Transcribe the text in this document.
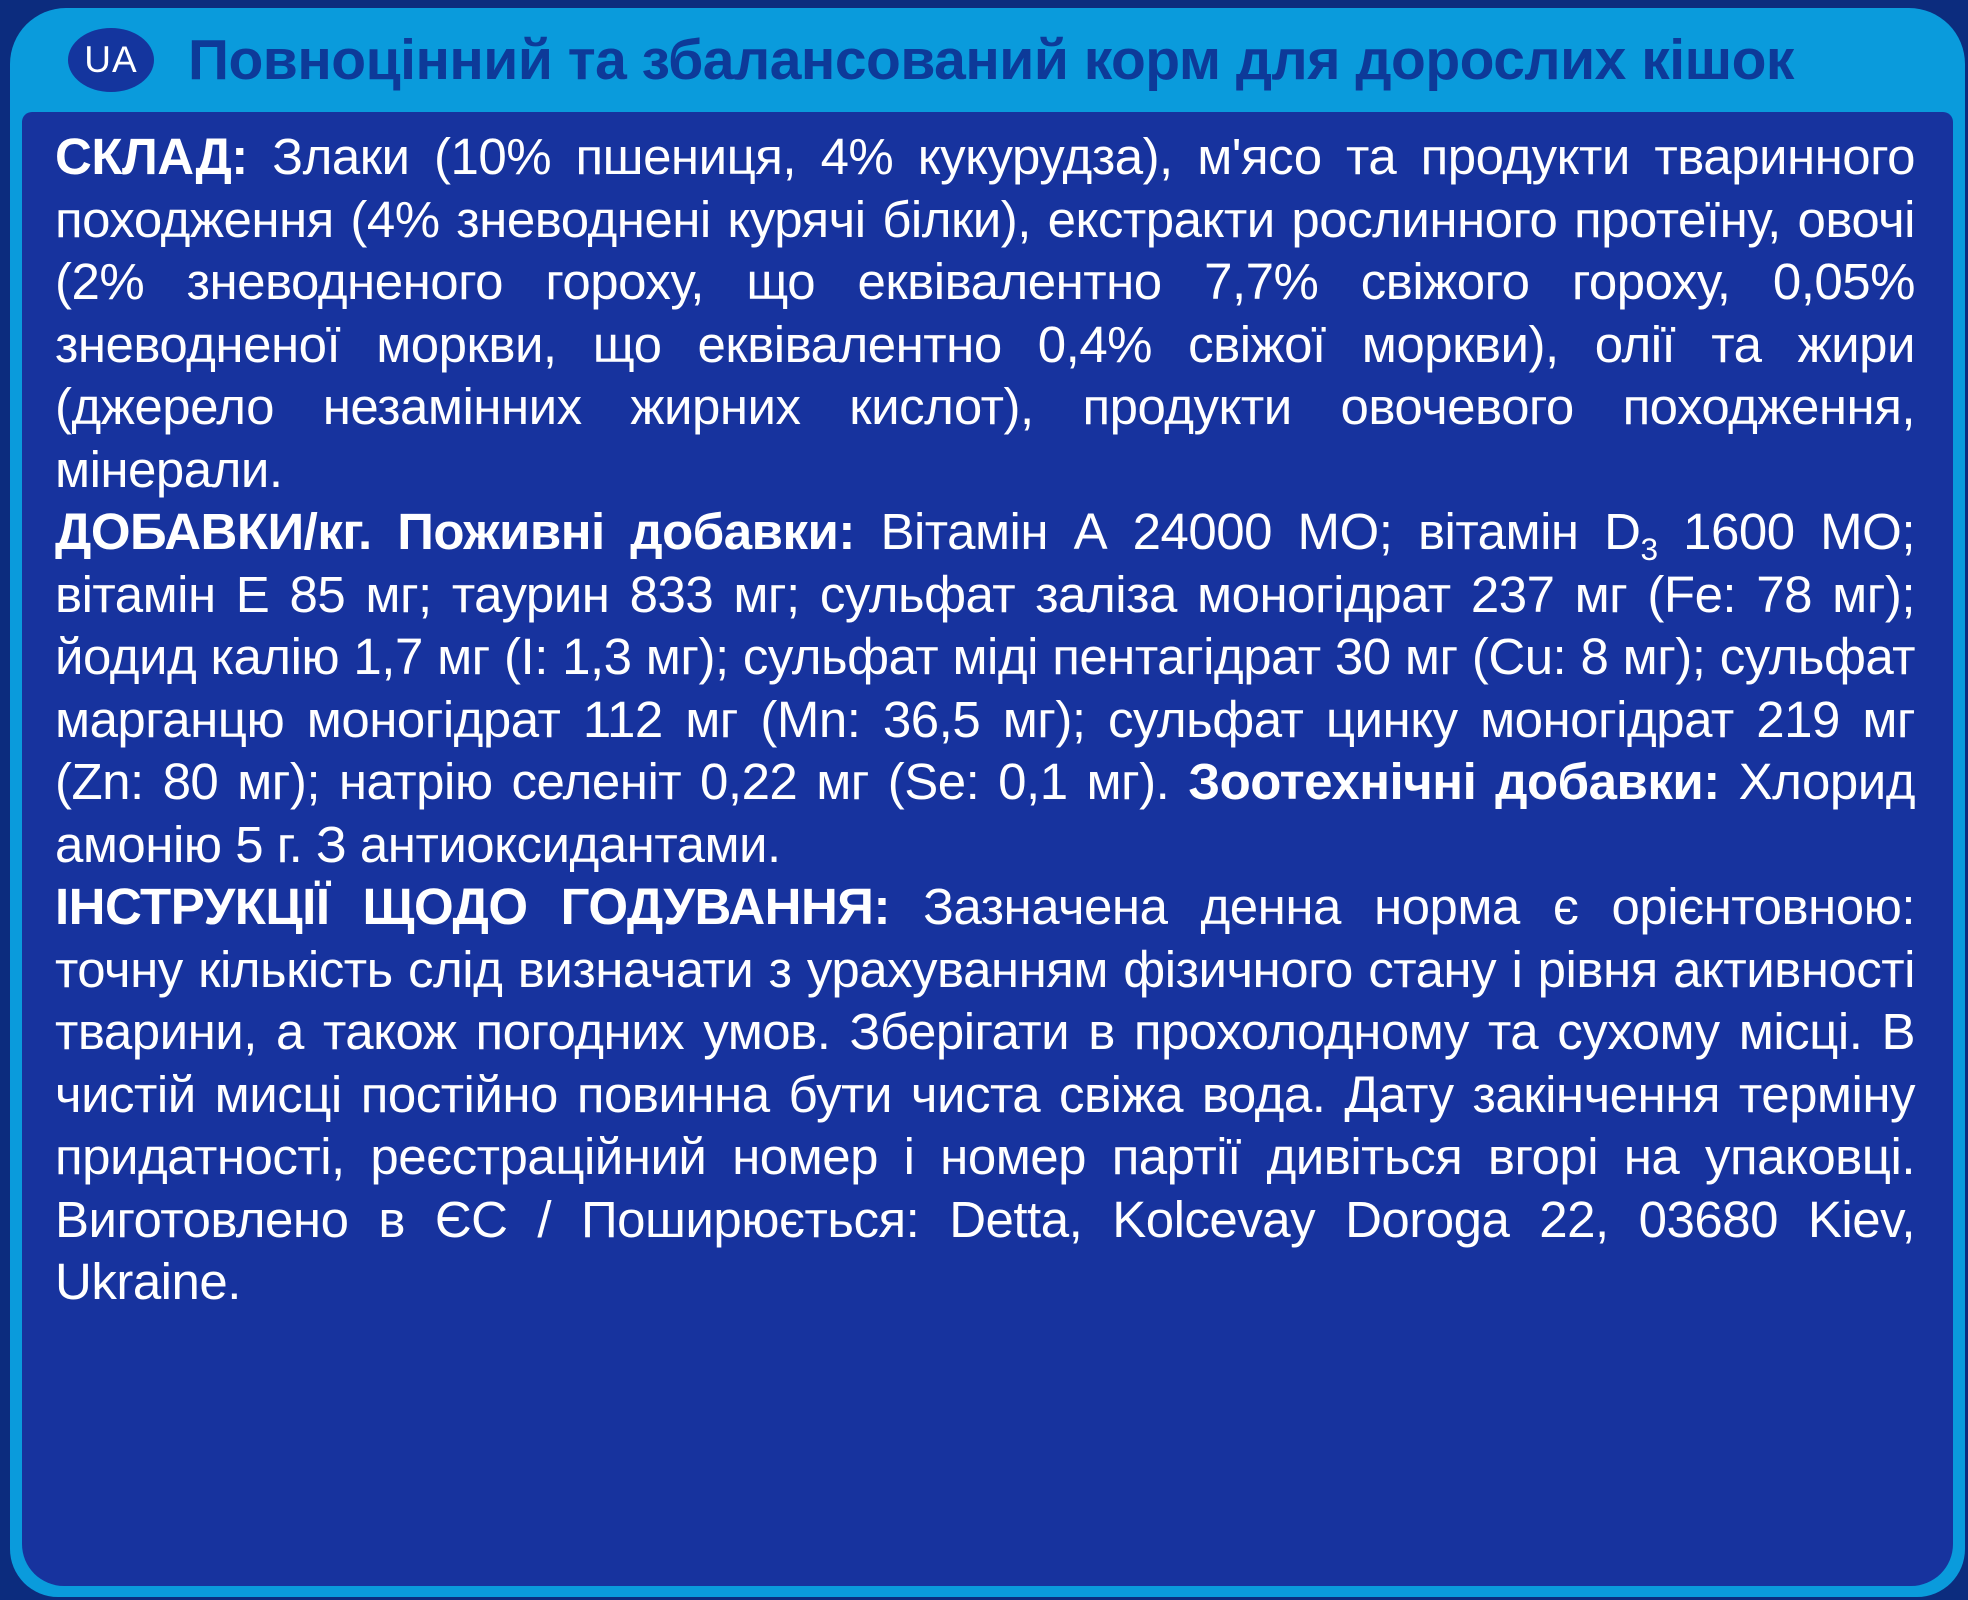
UA Повноцінний та збалансований корм для дорослих кішок

СКЛАД: Злаки (10% пшениця, 4% кукурудза), м'ясо та продукти тваринного походження (4% зневоднені курячі білки), екстракти рослинного протеїну, овочі (2% зневодненого гороху, що еквівалентно 7,7% свіжого гороху, 0,05% зневодненої моркви, що еквівалентно 0,4% свіжої моркви), олії та жири (джерело незамінних жирних кислот), продукти овочевого походження, мінерали.

ДОБАВКИ/кг. Поживні добавки: Вітамін А 24000 МО; вітамін $D_3$ 1600 МО; вітамін Е 85 мг; таурин 833 мг; сульфат заліза моногідрат 237 мг (Fe: 78 мг); йодид калію 1,7 мг (І: 1,3 мг); сульфат міді пентагідрат 30 мг (Cu: 8 мг); сульфат марганцю моногідрат 112 мг (Mn: 36,5 мг); сульфат цинку моногідрат 219 мг (Zn: 80 мг); натрію селеніт 0,22 мг (Se: 0,1 мг). Зоотехнічні добавки: Хлорид амонію 5 г. З антиоксидантами.

ІНСТРУКЦІЇ ЩОДО ГОДУВАННЯ: Зазначена денна норма є орієнтовною: точну кількість слід визначати з урахуванням фізичного стану і рівня активності тварини, а також погодних умов. Зберігати в прохолодному та сухому місці. В чистій мисці постійно повинна бути чиста свіжа вода. Дату закінчення терміну придатності, реєстраційний номер і номер партії дивіться вгорі на упаковці. Виготовлено в ЄС / Поширюється: Detta, Kolcevay Doroga 22, 03680 Kiev, Ukraine.
